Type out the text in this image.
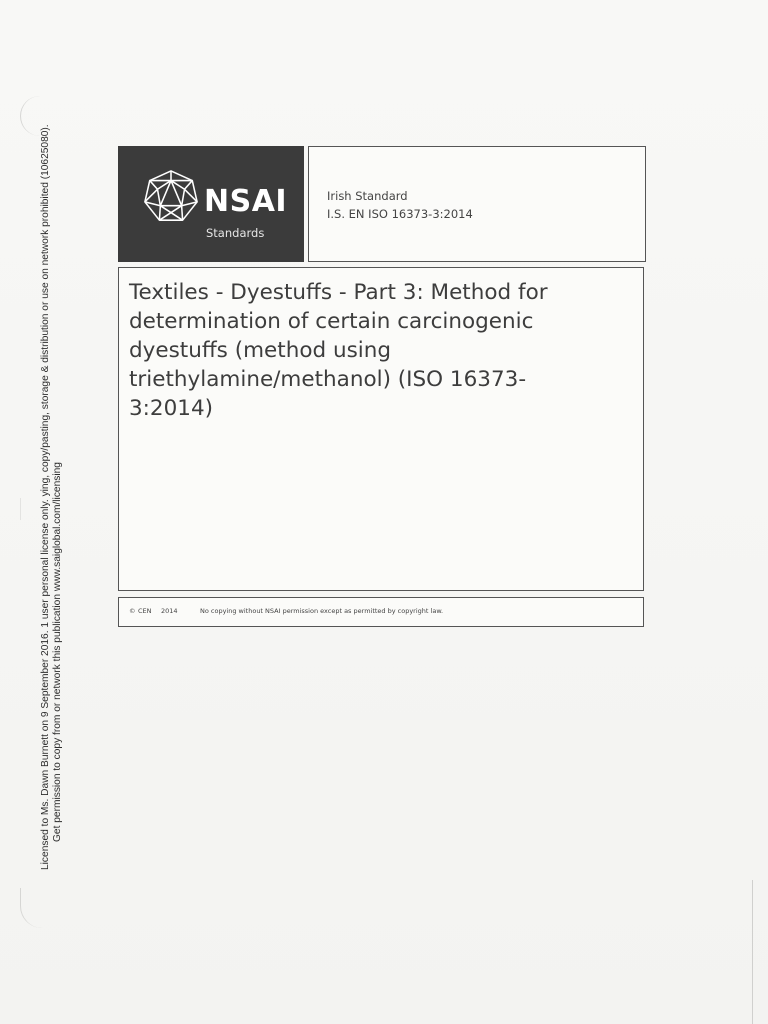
Licensed to Ms. Dawn Burnett on 9 September 2016. 1 user personal license only. ying, copy/pasting, storage & distribution or use on network prohibited (10625080). Get permission to copy from or network this publication www.saiglobal.com/licensing
NSAI
Standards
Irish Standard
I.S. EN ISO 16373-3:2014
Textiles - Dyestuffs - Part 3: Method for determination of certain carcinogenic dyestuffs (method using triethylamine/methanol) (ISO 16373-3:2014)
© CEN 2014	No copying without NSAI permission except as permitted by copyright law.
